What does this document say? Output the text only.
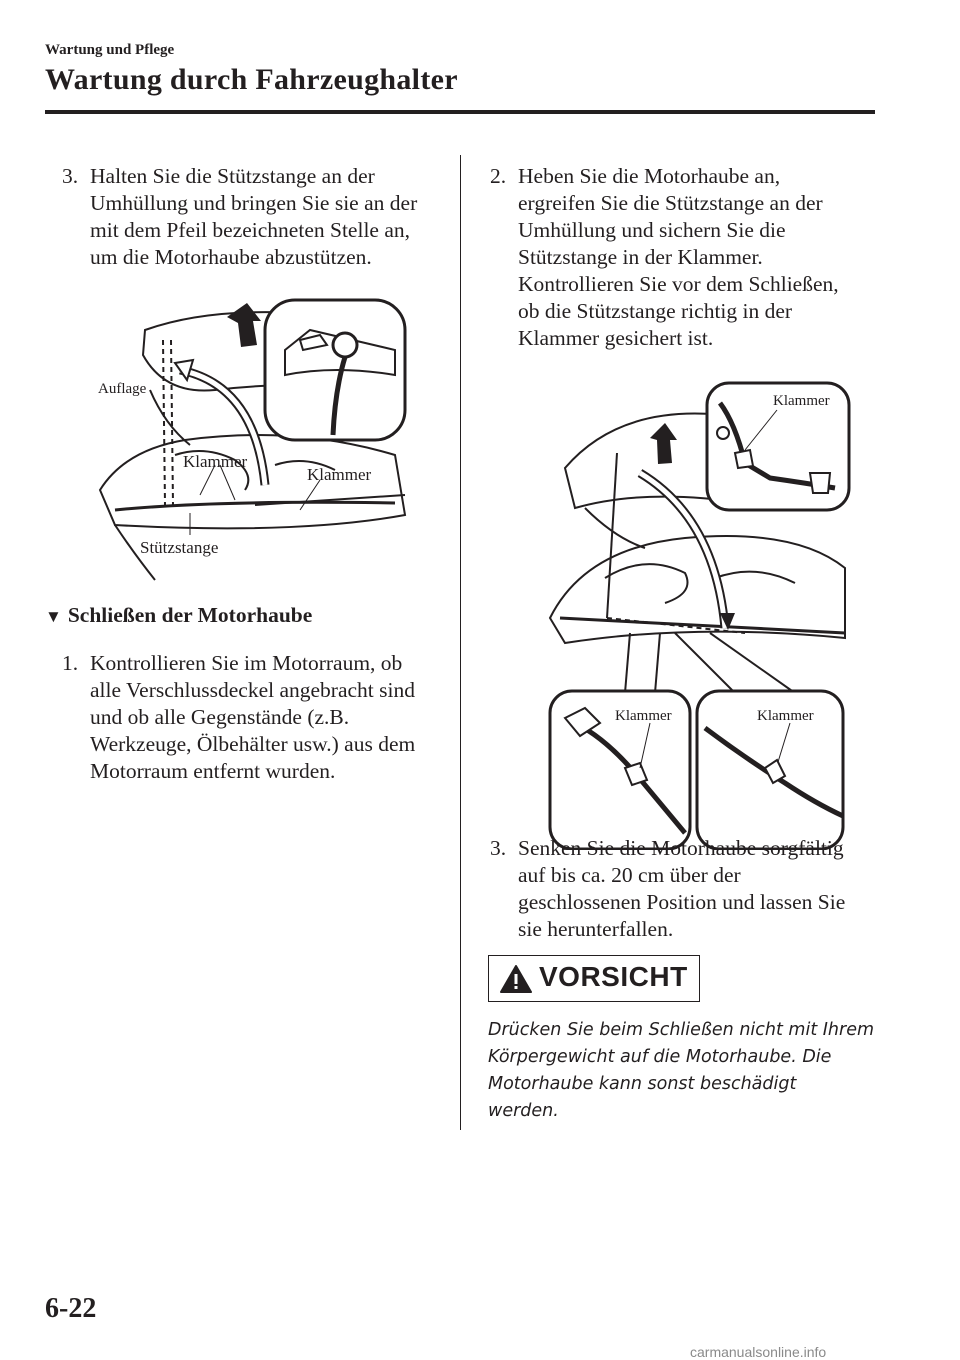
Wartung und Pflege
Wartung durch Fahrzeughalter
3. Halten Sie die Stützstange an der
Umhüllung und bringen Sie sie an der
mit dem Pfeil bezeichneten Stelle an,
um die Motorhaube abzustützen.
Auflage
Klammer
Klammer
Stützstange
▼ Schließen der Motorhaube
1. Kontrollieren Sie im Motorraum, ob
alle Verschlussdeckel angebracht sind
und ob alle Gegenstände (z.B.
Werkzeuge, Ölbehälter usw.) aus dem
Motorraum entfernt wurden.
2. Heben Sie die Motorhaube an,
ergreifen Sie die Stützstange an der
Umhüllung und sichern Sie die
Stützstange in der Klammer.
Kontrollieren Sie vor dem Schließen,
ob die Stützstange richtig in der
Klammer gesichert ist.
Klammer
Klammer	Klammer
3. Senken Sie die Motorhaube sorgfältig
auf bis ca. 20 cm über der
geschlossenen Position und lassen Sie
sie herunterfallen.
VORSICHT
Drücken Sie beim Schließen nicht mit Ihrem
Körpergewicht auf die Motorhaube. Die
Motorhaube kann sonst beschädigt
werden.
6-22
carmanualsonline.info
